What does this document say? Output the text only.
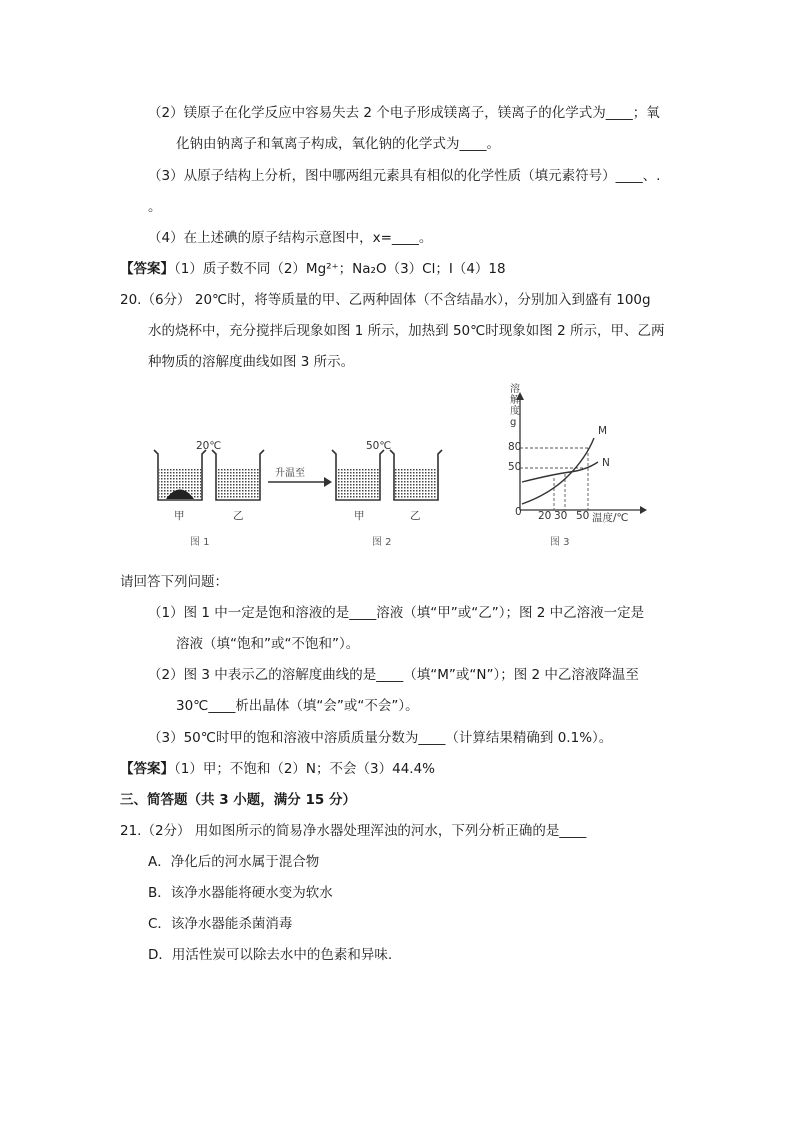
（2）镁原子在化学反应中容易失去 2 个电子形成镁离子，镁离子的化学式为____；氧
化钠由钠离子和氧离子构成，氧化钠的化学式为____。
（3）从原子结构上分析，图中哪两组元素具有相似的化学性质（填元素符号）____、.
。
（4）在上述碘的原子结构示意图中，x=____。
【答案】（1）质子数不同（2）Mg²⁺；Na₂O（3）Cl；I（4）18
20.（6分） 20℃时，将等质量的甲、乙两种固体（不含结晶水），分别加入到盛有 100g
水的烧杯中，充分搅拌后现象如图 1 所示，加热到 50℃时现象如图 2 所示，甲、乙两
种物质的溶解度曲线如图 3 所示。
20℃
甲	乙
图 1
升温至
50℃
甲	乙
图 2
溶
解
度
g
80
50
0 20 30 50 温度/℃
M
N
图 3
请回答下列问题：
（1）图 1 中一定是饱和溶液的是____溶液（填“甲”或“乙”）；图 2 中乙溶液一定是
溶液（填“饱和”或“不饱和”）。
（2）图 3 中表示乙的溶解度曲线的是____（填“M”或“N”）；图 2 中乙溶液降温至
30℃____析出晶体（填“会”或“不会”）。
（3）50℃时甲的饱和溶液中溶质质量分数为____（计算结果精确到 0.1%）。
【答案】（1）甲；不饱和（2）N；不会（3）44.4%
三、简答题（共 3 小题，满分 15 分）
21.（2分） 用如图所示的简易净水器处理浑浊的河水，下列分析正确的是____
A．净化后的河水属于混合物
B．该净水器能将硬水变为软水
C．该净水器能杀菌消毒
D．用活性炭可以除去水中的色素和异味.
